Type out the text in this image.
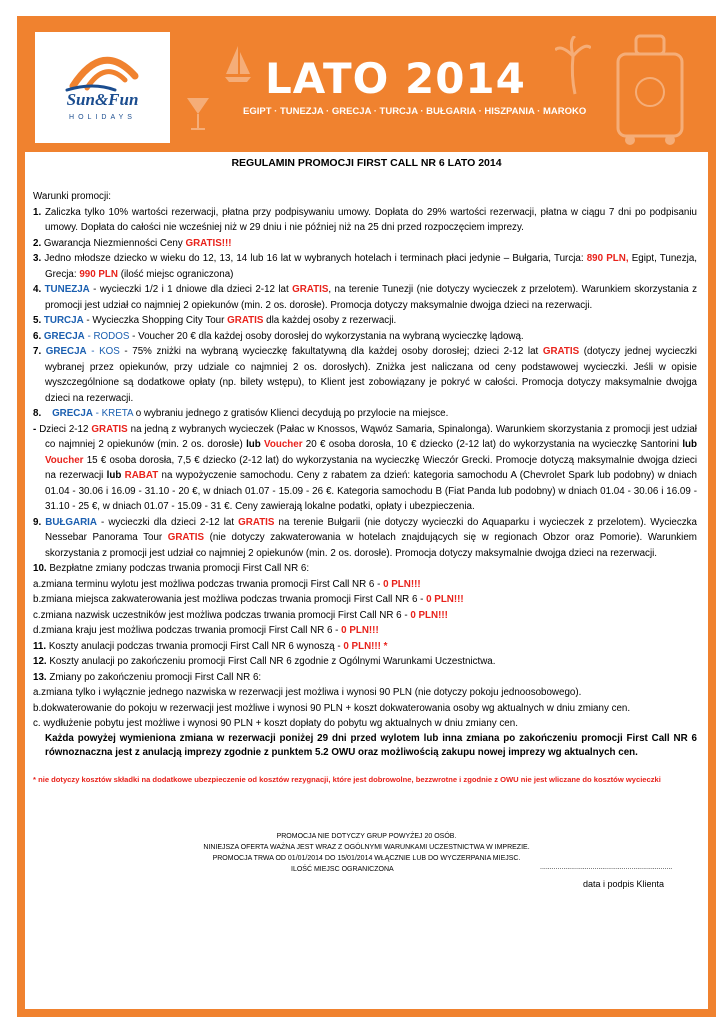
Sun&Fun
HOLIDAYS
LATO 2014
EGIPT · TUNEZJA · GRECJA · TURCJA · BUŁGARIA · HISZPANIA · MAROKO
REGULAMIN PROMOCJI FIRST CALL NR 6 LATO 2014

Warunki promocji:

1. Zaliczka tylko 10% wartości rezerwacji, płatna przy podpisywaniu umowy. Dopłata do 29% wartości rezerwacji, płatna w ciągu 7 dni po podpisaniu umowy. Dopłata do całości nie wcześniej niż w 29 dniu i nie później niż na 25 dni przed rozpoczęciem imprezy.

2. Gwarancja Niezmienności Ceny GRATIS!!!

3. Jedno młodsze dziecko w wieku do 12, 13, 14 lub 16 lat w wybranych hotelach i terminach płaci jedynie – Bułgaria, Turcja: 890 PLN, Egipt, Tunezja, Grecja: 990 PLN (ilość miejsc ograniczona)

4. TUNEZJA - wycieczki 1/2 i 1 dniowe dla dzieci 2-12 lat GRATIS, na terenie Tunezji (nie dotyczy wycieczek z przelotem). Warunkiem skorzystania z promocji jest udział co najmniej 2 opiekunów (min. 2 os. dorosłe). Promocja dotyczy maksymalnie dwojga dzieci na rezerwacji.

5. TURCJA - Wycieczka Shopping City Tour GRATIS dla każdej osoby z rezerwacji.

6. GRECJA - RODOS - Voucher 20 € dla każdej osoby dorosłej do wykorzystania na wybraną wycieczkę lądową.

7. GRECJA - KOS - 75% zniżki na wybraną wycieczkę fakultatywną dla każdej osoby dorosłej; dzieci 2-12 lat GRATIS (dotyczy jednej wycieczki wybranej przez opiekunów, przy udziale co najmniej 2 os. dorosłych). Zniżka jest naliczana od ceny podstawowej wycieczki. Jeśli w opisie wyszczególnione są dodatkowe opłaty (np. bilety wstępu), to Klient jest zobowiązany je pokryć w całości. Promocja dotyczy maksymalnie dwojga dzieci na rezerwacji.

8. GRECJA - KRETA o wybraniu jednego z gratisów Klienci decydują po przylocie na miejsce.

- Dzieci 2-12 GRATIS na jedną z wybranych wycieczek (Pałac w Knossos, Wąwóz Samaria, Spinalonga). Warunkiem skorzystania z promocji jest udział co najmniej 2 opiekunów (min. 2 os. dorosłe) lub Voucher 20 € osoba dorosła, 10 € dziecko (2-12 lat) do wykorzystania na wycieczkę Santorini lub Voucher 15 € osoba dorosła, 7,5 € dziecko (2-12 lat) do wykorzystania na wycieczkę Wieczór Grecki. Promocje dotyczą maksymalnie dwojga dzieci na rezerwacji lub RABAT na wypożyczenie samochodu. Ceny z rabatem za dzień: kategoria samochodu A (Chevrolet Spark lub podobny) w dniach 01.04 - 30.06 i 16.09 - 31.10 - 20 €, w dniach 01.07 - 15.09 - 26 €. Kategoria samochodu B (Fiat Panda lub podobny) w dniach 01.04 - 30.06 i 16.09 - 31.10 - 25 €, w dniach 01.07 - 15.09 - 31 €. Ceny zawierają lokalne podatki, opłaty i ubezpieczenia.

9. BUŁGARIA - wycieczki dla dzieci 2-12 lat GRATIS na terenie Bułgarii (nie dotyczy wycieczki do Aquaparku i wycieczek z przelotem). Wycieczka Nessebar Panorama Tour GRATIS (nie dotyczy zakwaterowania w hotelach znajdujących się w regionach Obzor oraz Pomorie). Warunkiem skorzystania z promocji jest udział co najmniej 2 opiekunów (min. 2 os. dorosłe). Promocja dotyczy maksymalnie dwojga dzieci na rezerwacji.

10. Bezpłatne zmiany podczas trwania promocji First Call NR 6:

a.zmiana terminu wylotu jest możliwa podczas trwania promocji First Call NR 6 - 0 PLN!!!

b.zmiana miejsca zakwaterowania jest możliwa podczas trwania promocji First Call NR 6 - 0 PLN!!!

c.zmiana nazwisk uczestników jest możliwa podczas trwania promocji First Call NR 6 - 0 PLN!!!

d.zmiana kraju jest możliwa podczas trwania promocji First Call NR 6 - 0 PLN!!!

11. Koszty anulacji podczas trwania promocji First Call NR 6 wynoszą - 0 PLN!!! *

12. Koszty anulacji po zakończeniu promocji First Call NR 6 zgodnie z Ogólnymi Warunkami Uczestnictwa.

13. Zmiany po zakończeniu promocji First Call NR 6:

a.zmiana tylko i wyłącznie jednego nazwiska w rezerwacji jest możliwa i wynosi 90 PLN (nie dotyczy pokoju jednoosobowego).

b.dokwaterowanie do pokoju w rezerwacji jest możliwe i wynosi 90 PLN + koszt dokwaterowania osoby wg aktualnych w dniu zmiany cen.

c. wydłużenie pobytu jest możliwe i wynosi 90 PLN + koszt dopłaty do pobytu wg aktualnych w dniu zmiany cen.

Każda powyżej wymieniona zmiana w rezerwacji poniżej 29 dni przed wylotem lub inna zmiana po zakończeniu promocji First Call NR 6 równoznaczna jest z anulacją imprezy zgodnie z punktem 5.2 OWU oraz możliwością zakupu nowej imprezy wg aktualnych cen.

* nie dotyczy kosztów składki na dodatkowe ubezpieczenie od kosztów rezygnacji, które jest dobrowolne, bezzwrotne i zgodnie z OWU nie jest wliczane do kosztów wycieczki

PROMOCJA NIE DOTYCZY GRUP POWYŻEJ 20 OSÓB.
NINIEJSZA OFERTA WAŻNA JEST WRAZ Z OGÓLNYMI WARUNKAMI UCZESTNICTWA W IMPREZIE.
PROMOCJA TRWA OD 01/01/2014 DO 15/01/2014 WŁĄCZNIE LUB DO WYCZERPANIA MIEJSC.
ILOŚĆ MIEJSC OGRANICZONA	....................................................................
data i podpis Klienta
